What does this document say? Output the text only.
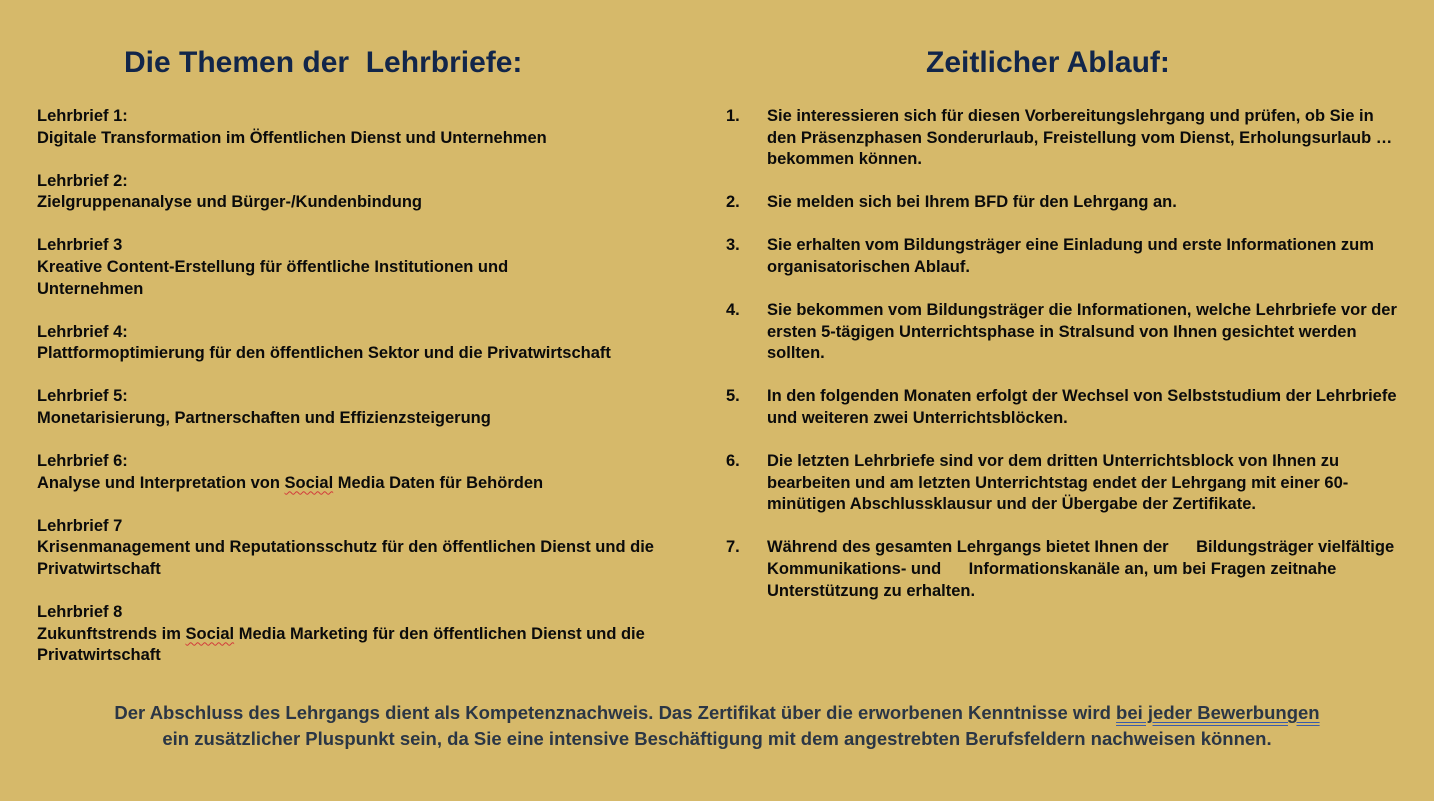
Die Themen der  Lehrbriefe:	Zeitlicher Ablauf:
Lehrbrief 1:
Digitale Transformation im Öffentlichen Dienst und Unternehmen
Lehrbrief 2:
Zielgruppenanalyse und Bürger-/Kundenbindung
Lehrbrief 3
Kreative Content-Erstellung für öffentliche Institutionen und Unternehmen
Lehrbrief 4:
Plattformoptimierung für den öffentlichen Sektor und die Privatwirtschaft
Lehrbrief 5:
Monetarisierung, Partnerschaften und Effizienzsteigerung
Lehrbrief 6:
Analyse und Interpretation von Social Media Daten für Behörden
Lehrbrief 7
Krisenmanagement und Reputationsschutz für den öffentlichen Dienst und die Privatwirtschaft
Lehrbrief 8
Zukunftstrends im Social Media Marketing für den öffentlichen Dienst und die Privatwirtschaft
1.	Sie interessieren sich für diesen Vorbereitungslehrgang und prüfen, ob Sie in den Präsenzphasen Sonderurlaub, Freistellung vom Dienst, Erholungsurlaub …bekommen können.
2.	Sie melden sich bei Ihrem BFD für den Lehrgang an.
3.	Sie erhalten vom Bildungsträger eine Einladung und erste Informationen zum organisatorischen Ablauf.
4.	Sie bekommen vom Bildungsträger die Informationen, welche Lehrbriefe vor der ersten 5-tägigen Unterrichtsphase in Stralsund von Ihnen gesichtet werden sollten.
5.	In den folgenden Monaten erfolgt der Wechsel von Selbststudium der Lehrbriefe und weiteren zwei Unterrichtsblöcken.
6.	Die letzten Lehrbriefe sind vor dem dritten Unterrichtsblock von Ihnen zu bearbeiten und am letzten Unterrichtstag endet der Lehrgang mit einer 60-minütigen Abschlussklausur und der Übergabe der Zertifikate.
7.	Während des gesamten Lehrgangs bietet Ihnen der      Bildungsträger vielfältige Kommunikations- und      Informationskanäle an, um bei Fragen zeitnahe Unterstützung zu erhalten.
Der Abschluss des Lehrgangs dient als Kompetenznachweis. Das Zertifikat über die erworbenen Kenntnisse wird bei jeder Bewerbungen
ein zusätzlicher Pluspunkt sein, da Sie eine intensive Beschäftigung mit dem angestrebten Berufsfeldern nachweisen können.
